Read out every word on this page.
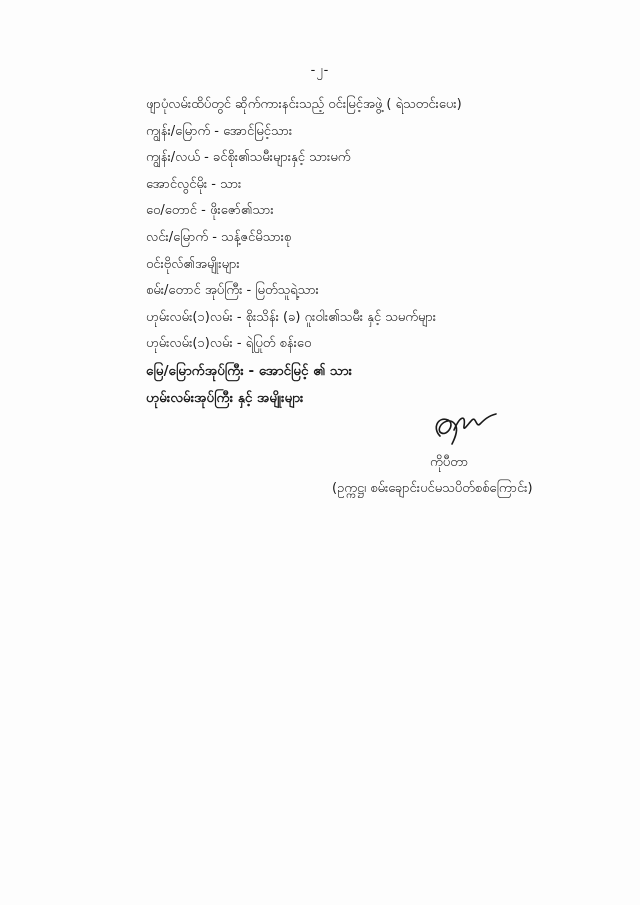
-၂-
ဖျာပုံလမ်းထိပ်တွင် ဆိုက်ကားနင်းသည့် ဝင်းမြင့်အဖွဲ့ ( ရဲသတင်းပေး)
ကျွန်း/မြောက် - အောင်မြင့်သား
ကျွန်း/လယ် - ခင်စိုး၏သမီးများနှင့် သားမက်
အောင်လွင်မိုး - သား
ဝေ/တောင် - ဖိုးဇော်၏သား
လင်း/မြောက် - သန့်ဇင်မိသားစု
ဝင်းဗိုလ်၏အမျိုးများ
စမ်း/တောင် အုပ်ကြီး - မြတ်သူရဲ့သား
ဟုမ်းလမ်း(၁)လမ်း - စိုးသိန်း (ခ) ဂူးဝါး၏သမီး နှင့် သမက်များ
ဟုမ်းလမ်း(၁)လမ်း - ရဲပြုတ် စန်းဝေ
မြေ/မြောက်အုပ်ကြီး - အောင်မြင့် ၏ သား
ဟုမ်းလမ်းအုပ်ကြီး နှင့် အမျိုးများ
ကိုပီတာ
(ဥက္ကဋ္ဌ၊ စမ်းချောင်းပင်မသပိတ်စစ်ကြောင်း)
